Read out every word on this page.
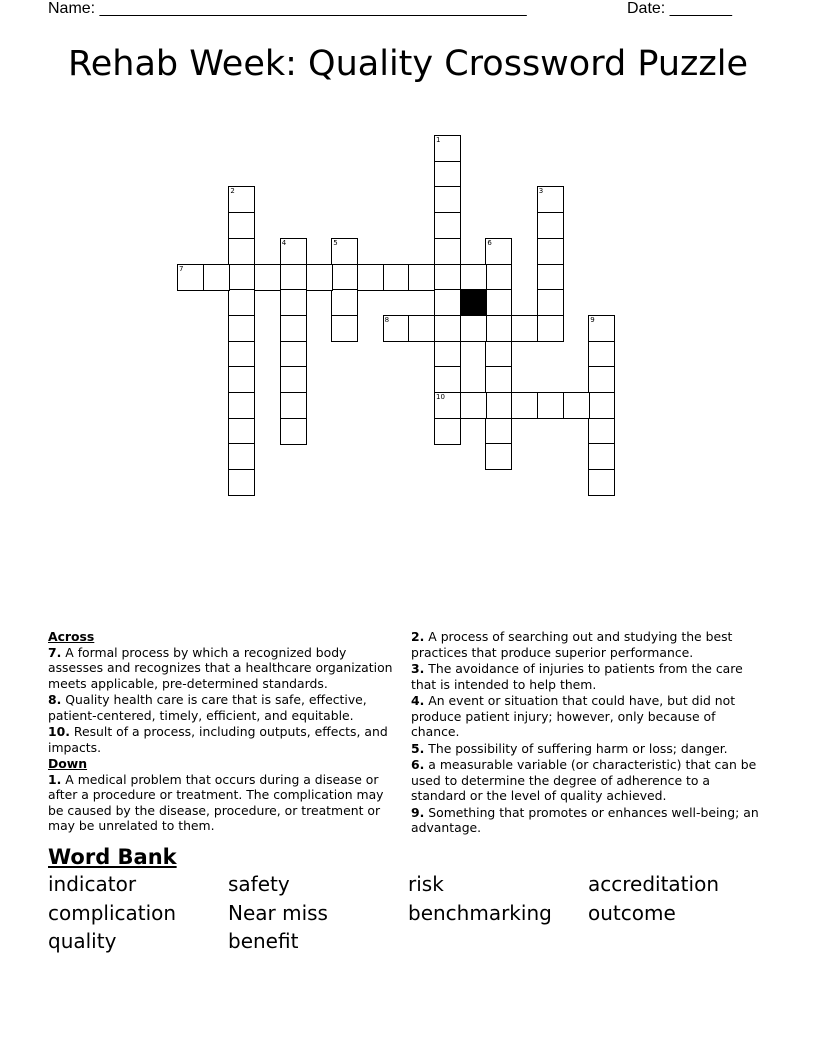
Name: ________________________________________________	Date: _______
Rehab Week: Quality Crossword Puzzle
1
10
2	3
4	5	6
7
8	9
Across
7. A formal process by which a recognized body assesses and recognizes that a healthcare organization meets applicable, pre-determined standards.
8. Quality health care is care that is safe, effective, patient-centered, timely, efficient, and equitable.
10. Result of a process, including outputs, effects, and impacts.
Down
1. A medical problem that occurs during a disease or after a procedure or treatment. The complication may be caused by the disease, procedure, or treatment or may be unrelated to them.
2. A process of searching out and studying the best practices that produce superior performance.
3. The avoidance of injuries to patients from the care that is intended to help them.
4. An event or situation that could have, but did not produce patient injury; however, only because of chance.
5. The possibility of suffering harm or loss; danger.
6. a measurable variable (or characteristic) that can be used to determine the degree of adherence to a standard or the level of quality achieved.
9. Something that promotes or enhances well-being; an advantage.
Word Bank
indicator	safety	risk	accreditation
complication	Near miss	benchmarking	outcome
quality	benefit
